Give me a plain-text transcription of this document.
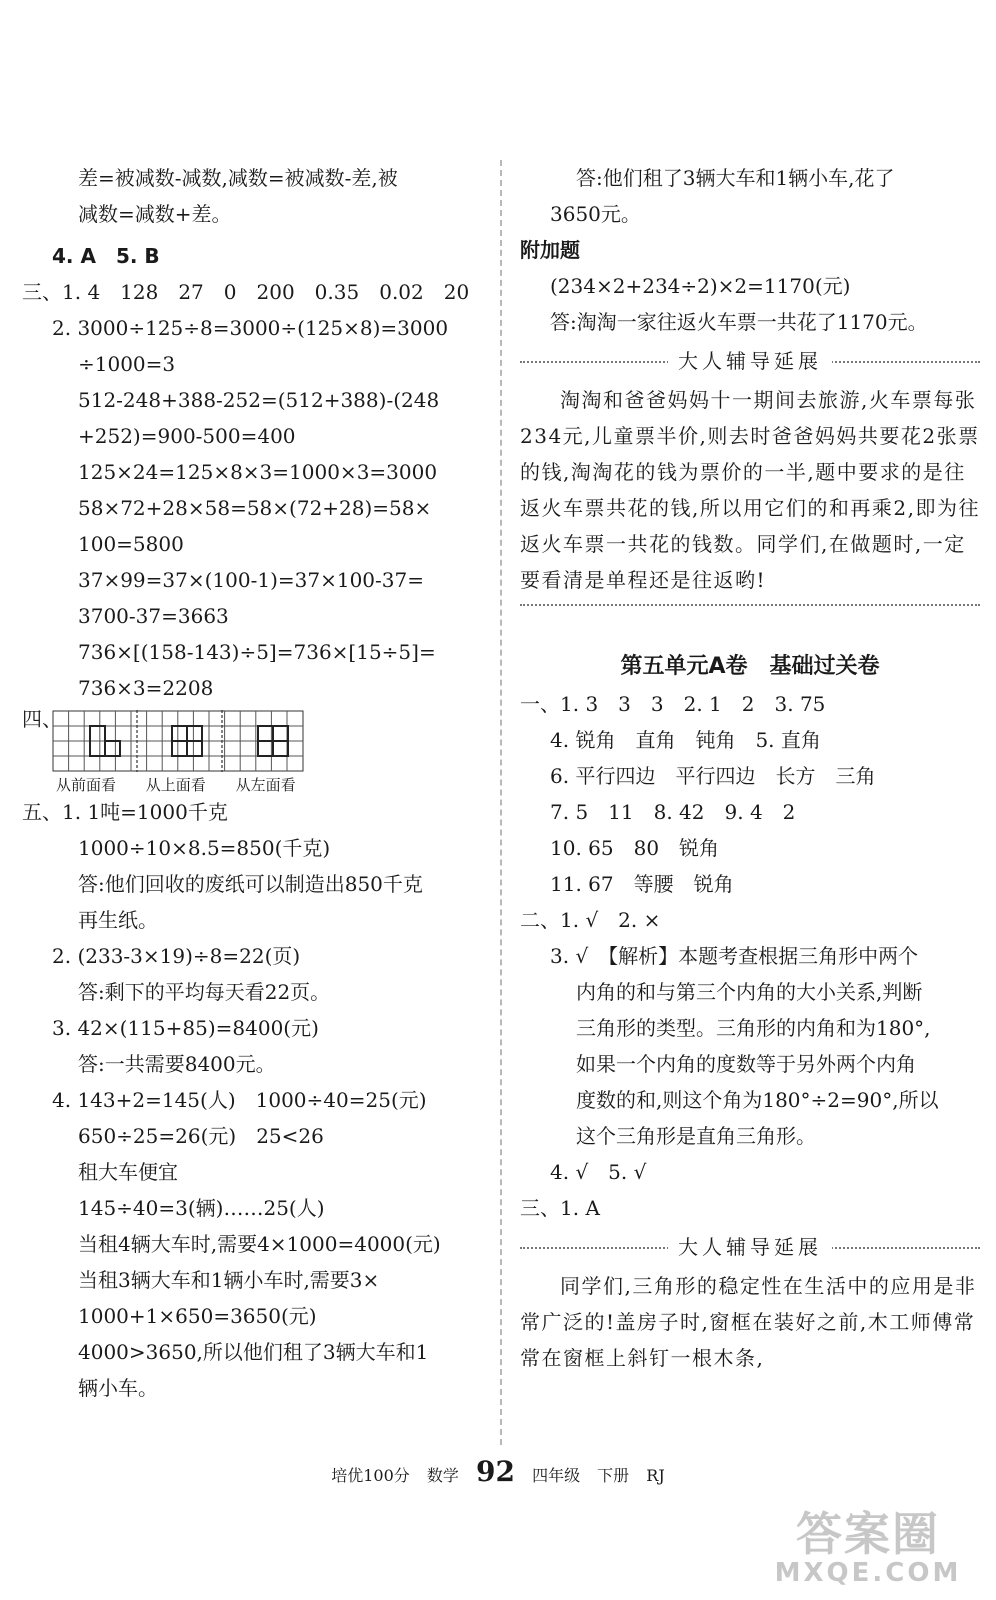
差=被减数-减数,减数=被减数-差,被
减数=减数+差。
4. A　5. B
三、1. 4　128　27　0　200　0.35　0.02　20
2. 3000÷125÷8=3000÷(125×8)=3000
÷1000=3
512-248+388-252=(512+388)-(248
+252)=900-500=400
125×24=125×8×3=1000×3=3000
58×72+28×58=58×(72+28)=58×
100=5800
37×99=37×(100-1)=37×100-37=
3700-37=3663
736×[(158-143)÷5]=736×[15÷5]=
736×3=2208
四、
从前面看 从上面看 从左面看
五、1. 1吨=1000千克
1000÷10×8.5=850(千克)
答:他们回收的废纸可以制造出850千克
再生纸。
2. (233-3×19)÷8=22(页)
答:剩下的平均每天看22页。
3. 42×(115+85)=8400(元)
答:一共需要8400元。
4. 143+2=145(人)　1000÷40=25(元)
650÷25=26(元)　25<26
租大车便宜
145÷40=3(辆)……25(人)
当租4辆大车时,需要4×1000=4000(元)
当租3辆大车和1辆小车时,需要3×
1000+1×650=3650(元)
4000>3650,所以他们租了3辆大车和1
辆小车。
答:他们租了3辆大车和1辆小车,花了
3650元。
附加题
(234×2+234÷2)×2=1170(元)
答:淘淘一家往返火车票一共花了1170元。
大人辅导延展

淘淘和爸爸妈妈十一期间去旅游,火车票每张234元,儿童票半价,则去时爸爸妈妈共要花2张票的钱,淘淘花的钱为票价的一半,题中要求的是往返火车票共花的钱,所以用它们的和再乘2,即为往返火车票一共花的钱数。同学们,在做题时,一定要看清是单程还是往返哟!

第五单元A卷　基础过关卷
一、1. 3　3　3　2. 1　2　3. 75
4. 锐角　直角　钝角　5. 直角
6. 平行四边　平行四边　长方　三角
7. 5　11　8. 42　9. 4　2
10. 65　80　锐角
11. 67　等腰　锐角
二、1. √　2. ×
3. √　【解析】本题考查根据三角形中两个
内角的和与第三个内角的大小关系,判断
三角形的类型。三角形的内角和为180°,
如果一个内角的度数等于另外两个内角
度数的和,则这个角为180°÷2=90°,所以
这个三角形是直角三角形。
4. √　5. √
三、1. A
大人辅导延展

同学们,三角形的稳定性在生活中的应用是非常广泛的!盖房子时,窗框在装好之前,木工师傅常常在窗框上斜钉一根木条,

培优100分 数学 92 四年级 下册 RJ
答案圈
MXQE.COM
